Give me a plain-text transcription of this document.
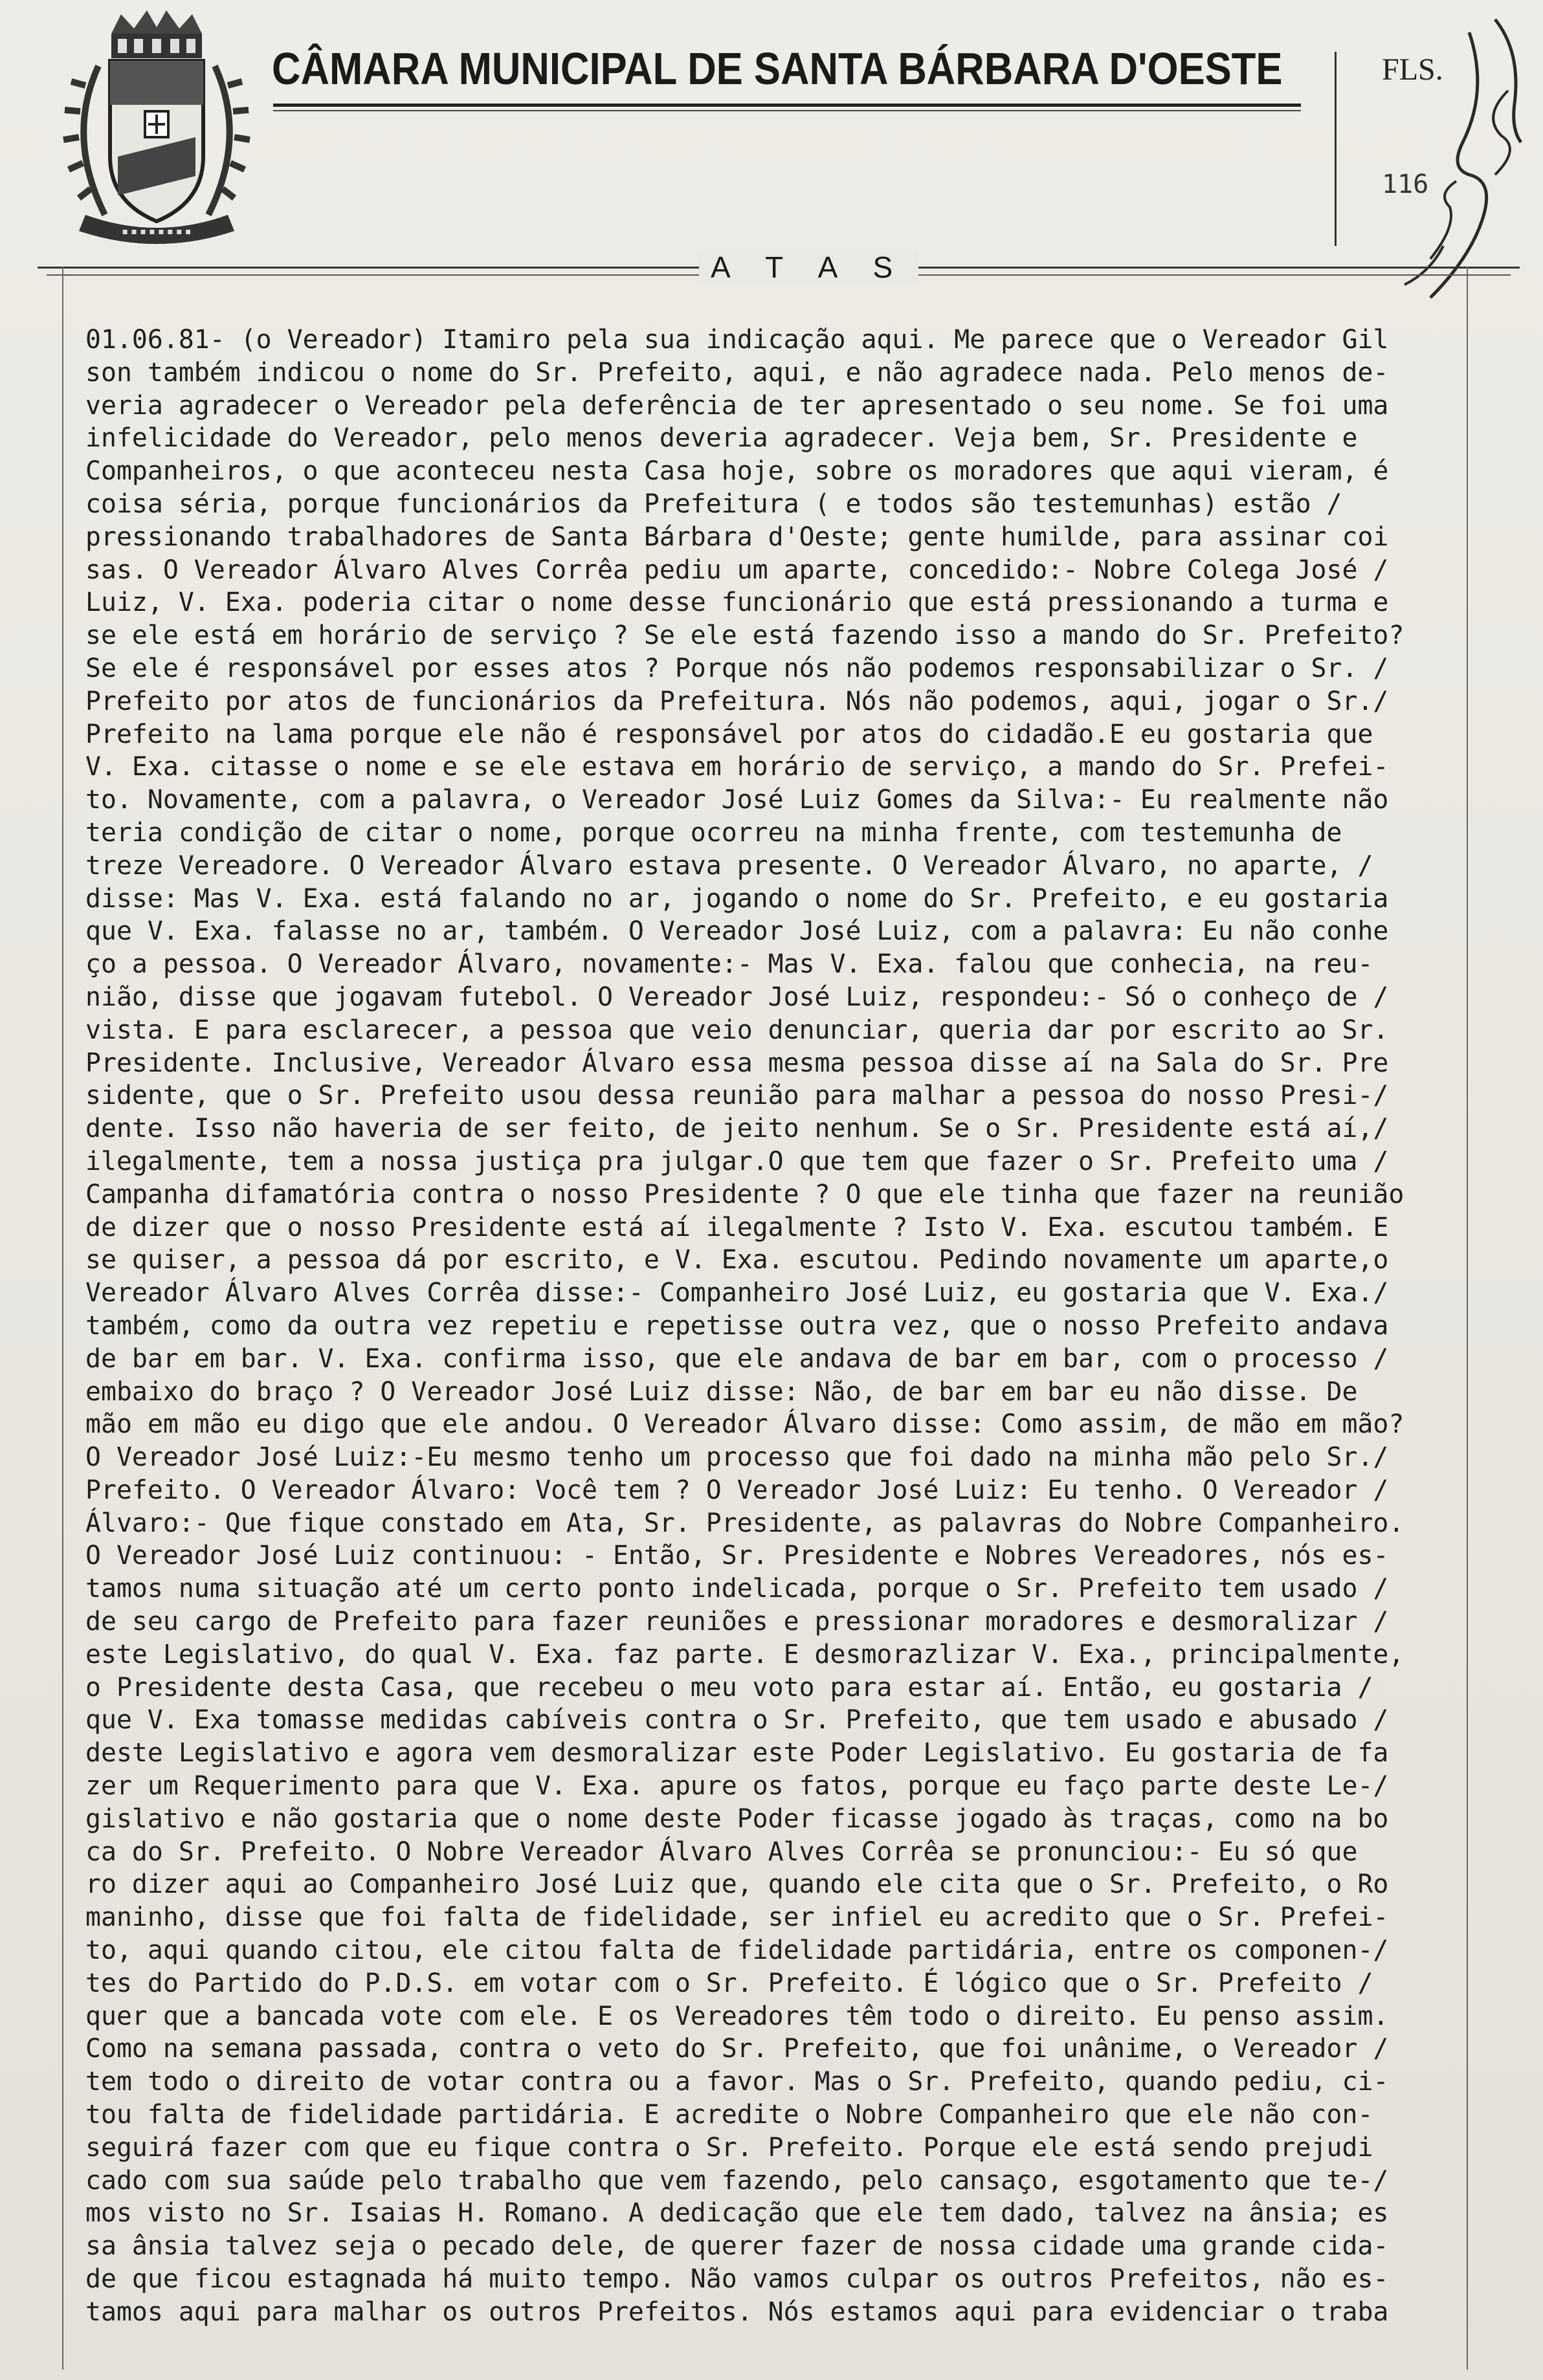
▪ ▪ ▪ ▪ ▪ ▪ ▪ ▪
CÂMARA MUNICIPAL DE SANTA BÁRBARA D'OESTE	FLS.
116
A T A S
01.06.81- (o Vereador) Itamiro pela sua indicação aqui. Me parece que o Vereador Gil
son também indicou o nome do Sr. Prefeito, aqui, e não agradece nada. Pelo menos de-
veria agradecer o Vereador pela deferência de ter apresentado o seu nome. Se foi uma
infelicidade do Vereador, pelo menos deveria agradecer. Veja bem, Sr. Presidente e
Companheiros, o que aconteceu nesta Casa hoje, sobre os moradores que aqui vieram, é
coisa séria, porque funcionários da Prefeitura ( e todos são testemunhas) estão /
pressionando trabalhadores de Santa Bárbara d'Oeste; gente humilde, para assinar coi
sas. O Vereador Álvaro Alves Corrêa pediu um aparte, concedido:- Nobre Colega José /
Luiz, V. Exa. poderia citar o nome desse funcionário que está pressionando a turma e
se ele está em horário de serviço ? Se ele está fazendo isso a mando do Sr. Prefeito?
Se ele é responsável por esses atos ? Porque nós não podemos responsabilizar o Sr. /
Prefeito por atos de funcionários da Prefeitura. Nós não podemos, aqui, jogar o Sr./
Prefeito na lama porque ele não é responsável por atos do cidadão.E eu gostaria que
V. Exa. citasse o nome e se ele estava em horário de serviço, a mando do Sr. Prefei-
to. Novamente, com a palavra, o Vereador José Luiz Gomes da Silva:- Eu realmente não
teria condição de citar o nome, porque ocorreu na minha frente, com testemunha de
treze Vereadore. O Vereador Álvaro estava presente. O Vereador Álvaro, no aparte, /
disse: Mas V. Exa. está falando no ar, jogando o nome do Sr. Prefeito, e eu gostaria
que V. Exa. falasse no ar, também. O Vereador José Luiz, com a palavra: Eu não conhe
ço a pessoa. O Vereador Álvaro, novamente:- Mas V. Exa. falou que conhecia, na reu-
nião, disse que jogavam futebol. O Vereador José Luiz, respondeu:- Só o conheço de /
vista. E para esclarecer, a pessoa que veio denunciar, queria dar por escrito ao Sr.
Presidente. Inclusive, Vereador Álvaro essa mesma pessoa disse aí na Sala do Sr. Pre
sidente, que o Sr. Prefeito usou dessa reunião para malhar a pessoa do nosso Presi-/
dente. Isso não haveria de ser feito, de jeito nenhum. Se o Sr. Presidente está aí,/
ilegalmente, tem a nossa justiça pra julgar.O que tem que fazer o Sr. Prefeito uma /
Campanha difamatória contra o nosso Presidente ? O que ele tinha que fazer na reunião
de dizer que o nosso Presidente está aí ilegalmente ? Isto V. Exa. escutou também. E
se quiser, a pessoa dá por escrito, e V. Exa. escutou. Pedindo novamente um aparte,o
Vereador Álvaro Alves Corrêa disse:- Companheiro José Luiz, eu gostaria que V. Exa./
também, como da outra vez repetiu e repetisse outra vez, que o nosso Prefeito andava
de bar em bar. V. Exa. confirma isso, que ele andava de bar em bar, com o processo /
embaixo do braço ? O Vereador José Luiz disse: Não, de bar em bar eu não disse. De
mão em mão eu digo que ele andou. O Vereador Álvaro disse: Como assim, de mão em mão?
O Vereador José Luiz:-Eu mesmo tenho um processo que foi dado na minha mão pelo Sr./
Prefeito. O Vereador Álvaro: Você tem ? O Vereador José Luiz: Eu tenho. O Vereador /
Álvaro:- Que fique constado em Ata, Sr. Presidente, as palavras do Nobre Companheiro.
O Vereador José Luiz continuou: - Então, Sr. Presidente e Nobres Vereadores, nós es-
tamos numa situação até um certo ponto indelicada, porque o Sr. Prefeito tem usado /
de seu cargo de Prefeito para fazer reuniões e pressionar moradores e desmoralizar /
este Legislativo, do qual V. Exa. faz parte. E desmorazlizar V. Exa., principalmente,
o Presidente desta Casa, que recebeu o meu voto para estar aí. Então, eu gostaria /
que V. Exa tomasse medidas cabíveis contra o Sr. Prefeito, que tem usado e abusado /
deste Legislativo e agora vem desmoralizar este Poder Legislativo. Eu gostaria de fa
zer um Requerimento para que V. Exa. apure os fatos, porque eu faço parte deste Le-/
gislativo e não gostaria que o nome deste Poder ficasse jogado às traças, como na bo
ca do Sr. Prefeito. O Nobre Vereador Álvaro Alves Corrêa se pronunciou:- Eu só que
ro dizer aqui ao Companheiro José Luiz que, quando ele cita que o Sr. Prefeito, o Ro
maninho, disse que foi falta de fidelidade, ser infiel eu acredito que o Sr. Prefei-
to, aqui quando citou, ele citou falta de fidelidade partidária, entre os componen-/
tes do Partido do P.D.S. em votar com o Sr. Prefeito. É lógico que o Sr. Prefeito /
quer que a bancada vote com ele. E os Vereadores têm todo o direito. Eu penso assim.
Como na semana passada, contra o veto do Sr. Prefeito, que foi unânime, o Vereador /
tem todo o direito de votar contra ou a favor. Mas o Sr. Prefeito, quando pediu, ci-
tou falta de fidelidade partidária. E acredite o Nobre Companheiro que ele não con-
seguirá fazer com que eu fique contra o Sr. Prefeito. Porque ele está sendo prejudi
cado com sua saúde pelo trabalho que vem fazendo, pelo cansaço, esgotamento que te-/
mos visto no Sr. Isaias H. Romano. A dedicação que ele tem dado, talvez na ânsia; es
sa ânsia talvez seja o pecado dele, de querer fazer de nossa cidade uma grande cida-
de que ficou estagnada há muito tempo. Não vamos culpar os outros Prefeitos, não es-
tamos aqui para malhar os outros Prefeitos. Nós estamos aqui para evidenciar o traba
